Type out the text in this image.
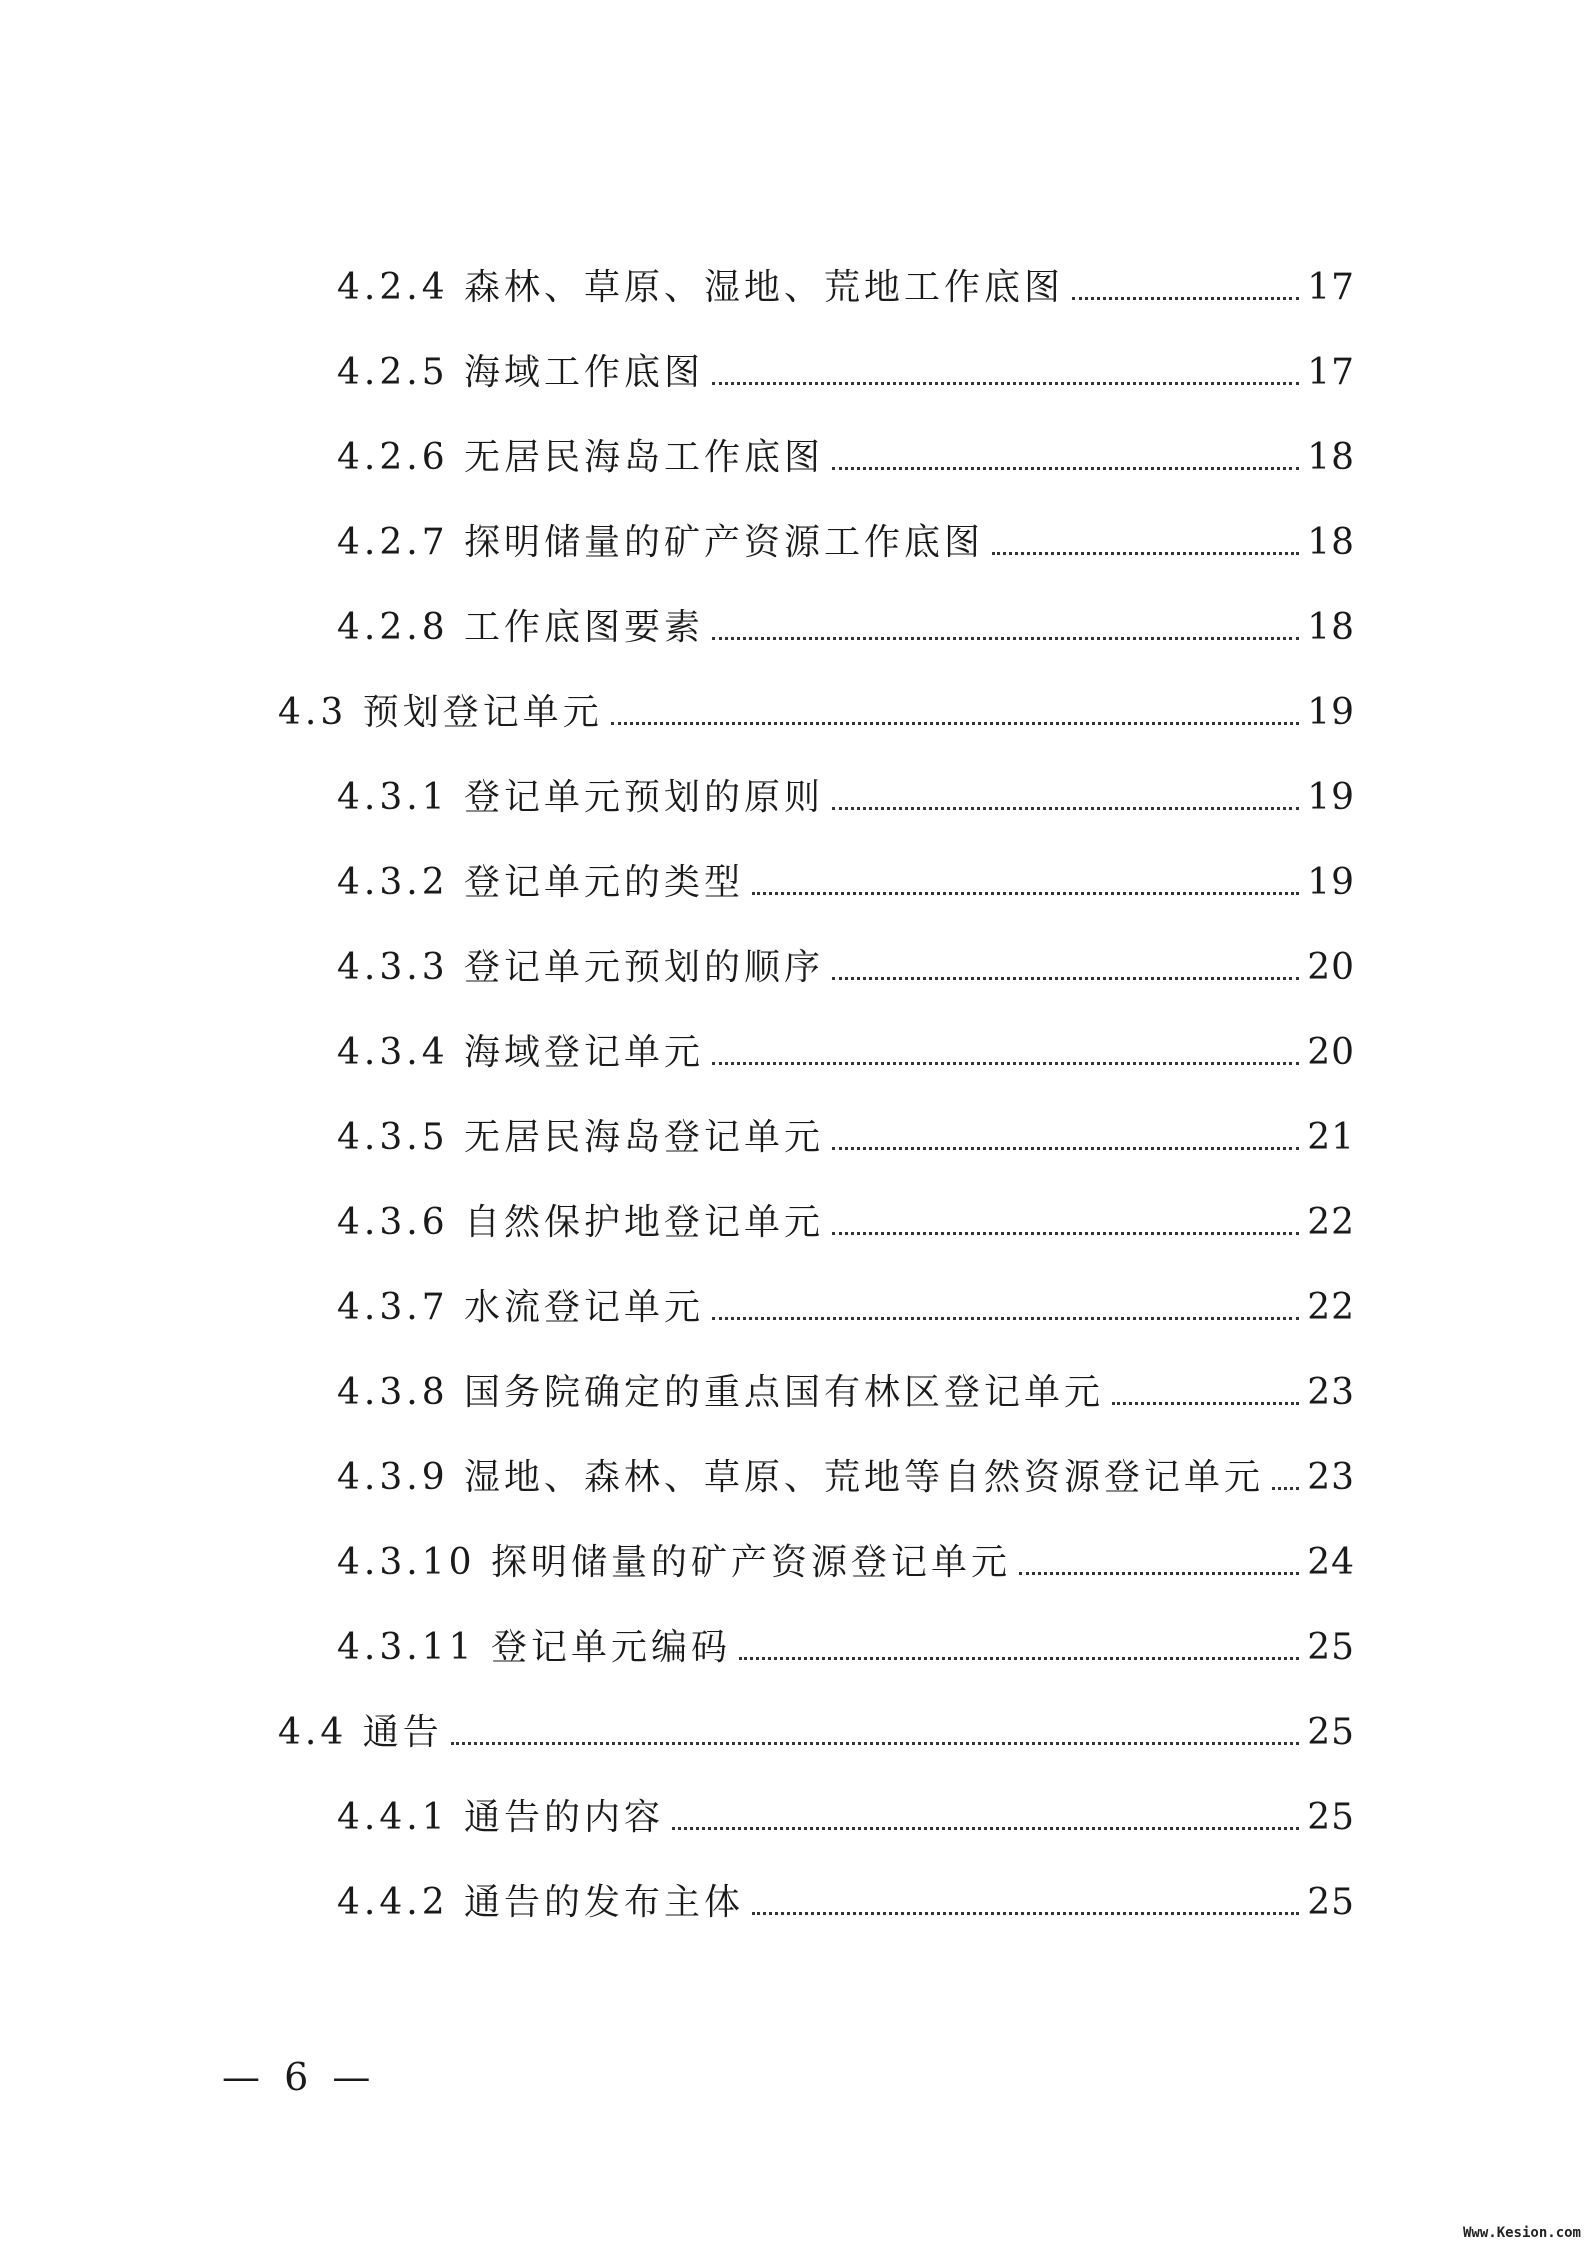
4.2.4 森林、草原、湿地、荒地工作底图	17
4.2.5 海域工作底图	17
4.2.6 无居民海岛工作底图	18
4.2.7 探明储量的矿产资源工作底图	18
4.2.8 工作底图要素	18
4.3 预划登记单元	19
4.3.1 登记单元预划的原则	19
4.3.2 登记单元的类型	19
4.3.3 登记单元预划的顺序	20
4.3.4 海域登记单元	20
4.3.5 无居民海岛登记单元	21
4.3.6 自然保护地登记单元	22
4.3.7 水流登记单元	22
4.3.8 国务院确定的重点国有林区登记单元	23
4.3.9 湿地、森林、草原、荒地等自然资源登记单元 23
4.3.10 探明储量的矿产资源登记单元	24
4.3.11 登记单元编码	25
4.4 通告	25
4.4.1 通告的内容	25
4.4.2 通告的发布主体	25
— 6 —
Www.Kesion.com
